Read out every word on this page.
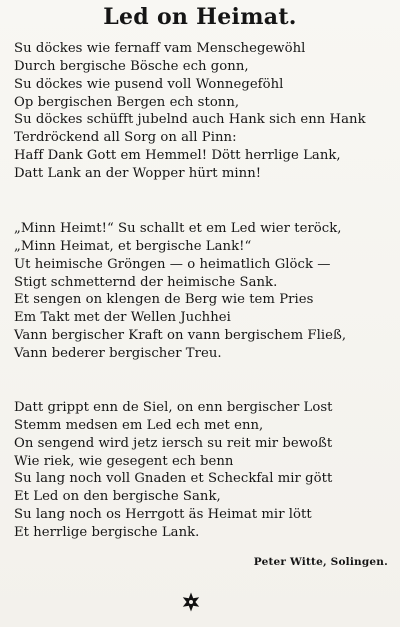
Led on Heimat.
Su döckes wie fernaff vam Menschegewöhl
Durch bergische Bösche ech gonn,
Su döckes wie pusend voll Wonnegeföhl
Op bergischen Bergen ech stonn,
Su döckes schüfft jubelnd auch Hank sich enn Hank
Terdröckend all Sorg on all Pinn:
Haff Dank Gott em Hemmel! Dött herrlige Lank,
Datt Lank an der Wopper hürt minn!
„Minn Heimt!“ Su schallt et em Led wier teröck,
„Minn Heimat, et bergische Lank!“
Ut heimische Gröngen — o heimatlich Glöck —
Stigt schmetternd der heimische Sank.
Et sengen on klengen de Berg wie tem Pries
Em Takt met der Wellen Juchhei
Vann bergischer Kraft on vann bergischem Fließ,
Vann bederer bergischer Treu.
Datt grippt enn de Siel, on enn bergischer Lost
Stemm medsen em Led ech met enn,
On sengend wird jetz iersch su reit mir bewoßt
Wie riek, wie gesegent ech benn
Su lang noch voll Gnaden et Scheckfal mir gött
Et Led on den bergische Sank,
Su lang noch os Herrgott äs Heimat mir lött
Et herrlige bergische Lank.
Peter Witte, Solingen.
